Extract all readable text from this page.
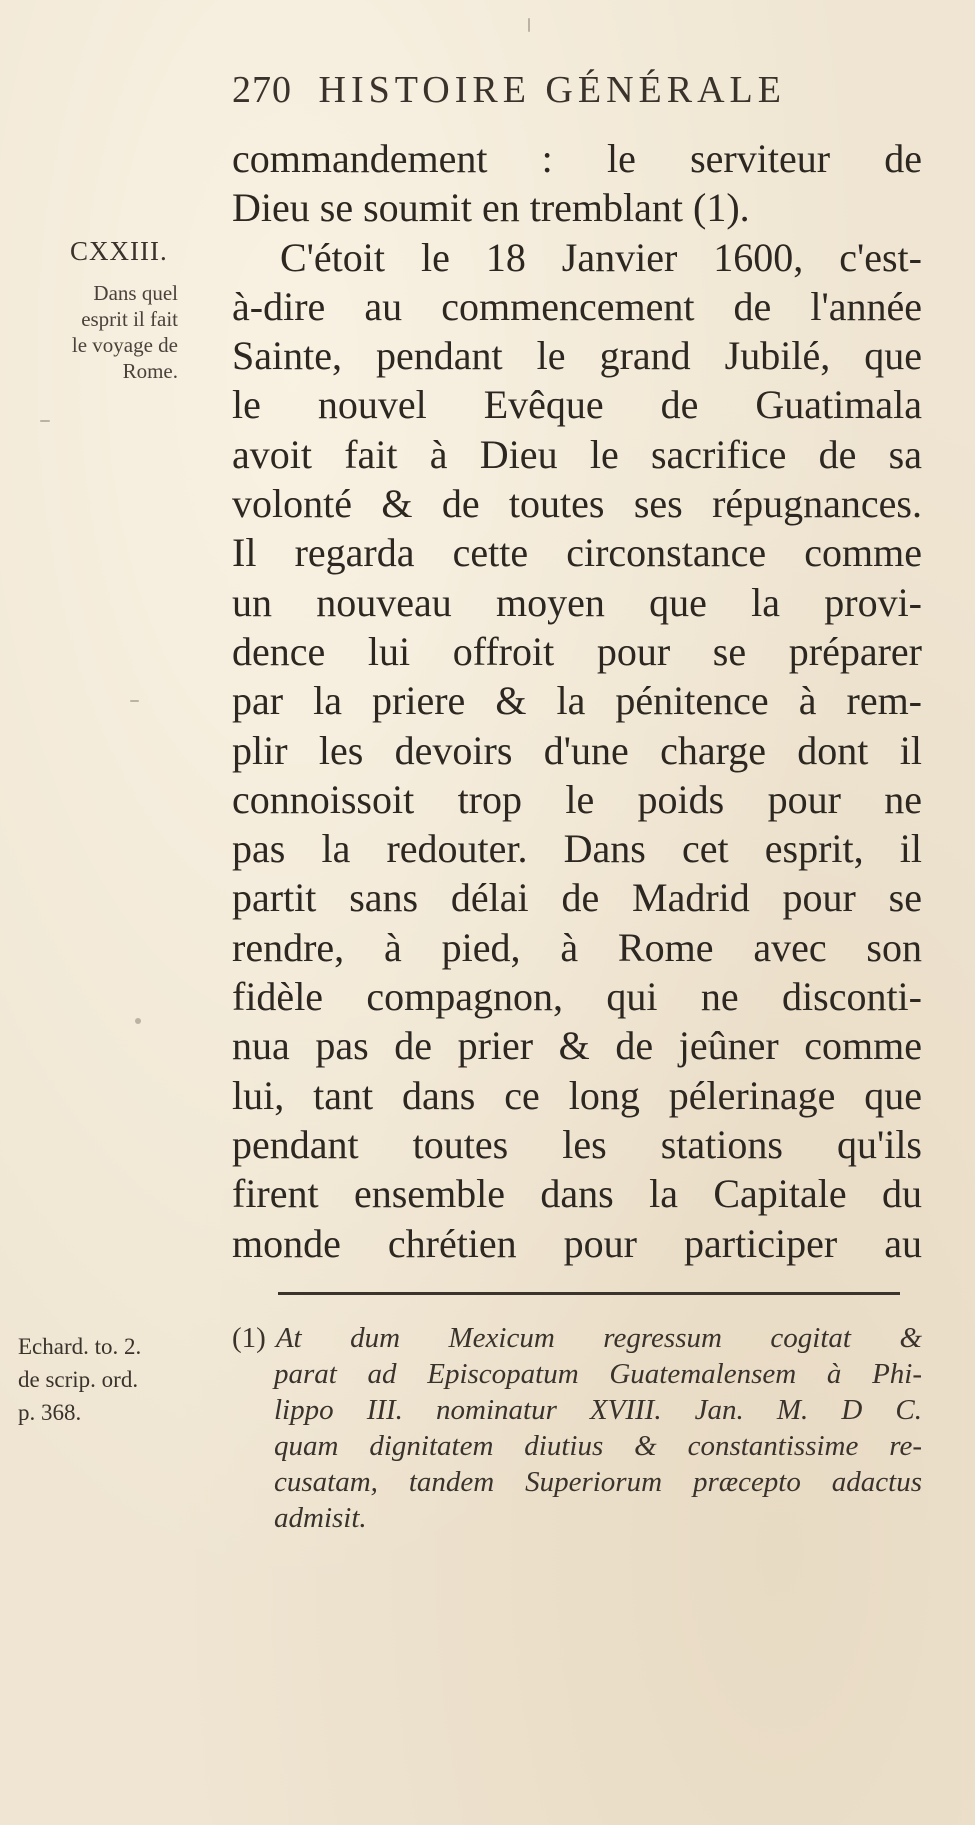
270 HISTOIRE GÉNÉRALE
CXXIII.
Dans quel
esprit il fait
le voyage de
Rome.
commandement : le serviteur de
Dieu se soumit en tremblant (1).
C'étoit le 18 Janvier 1600, c'est-
à-dire au commencement de l'année
Sainte, pendant le grand Jubilé, que
le nouvel Evêque de Guatimala
avoit fait à Dieu le sacrifice de sa
volonté & de toutes ses répugnances.
Il regarda cette circonstance comme
un nouveau moyen que la provi-
dence lui offroit pour se préparer
par la priere & la pénitence à rem-
plir les devoirs d'une charge dont il
connoissoit trop le poids pour ne
pas la redouter. Dans cet esprit, il
partit sans délai de Madrid pour se
rendre, à pied, à Rome avec son
fidèle compagnon, qui ne disconti-
nua pas de prier & de jeûner comme
lui, tant dans ce long pélerinage que
pendant toutes les stations qu'ils
firent ensemble dans la Capitale du
monde chrétien pour participer au
Echard. to. 2.
de scrip. ord.
p. 368.
(1) At dum Mexicum regressum cogitat &
parat ad Episcopatum Guatemalensem à Phi-
lippo III. nominatur XVIII. Jan. M. D C.
quam dignitatem diutius & constantissime re-
cusatam, tandem Superiorum præcepto adactus
admisit.
